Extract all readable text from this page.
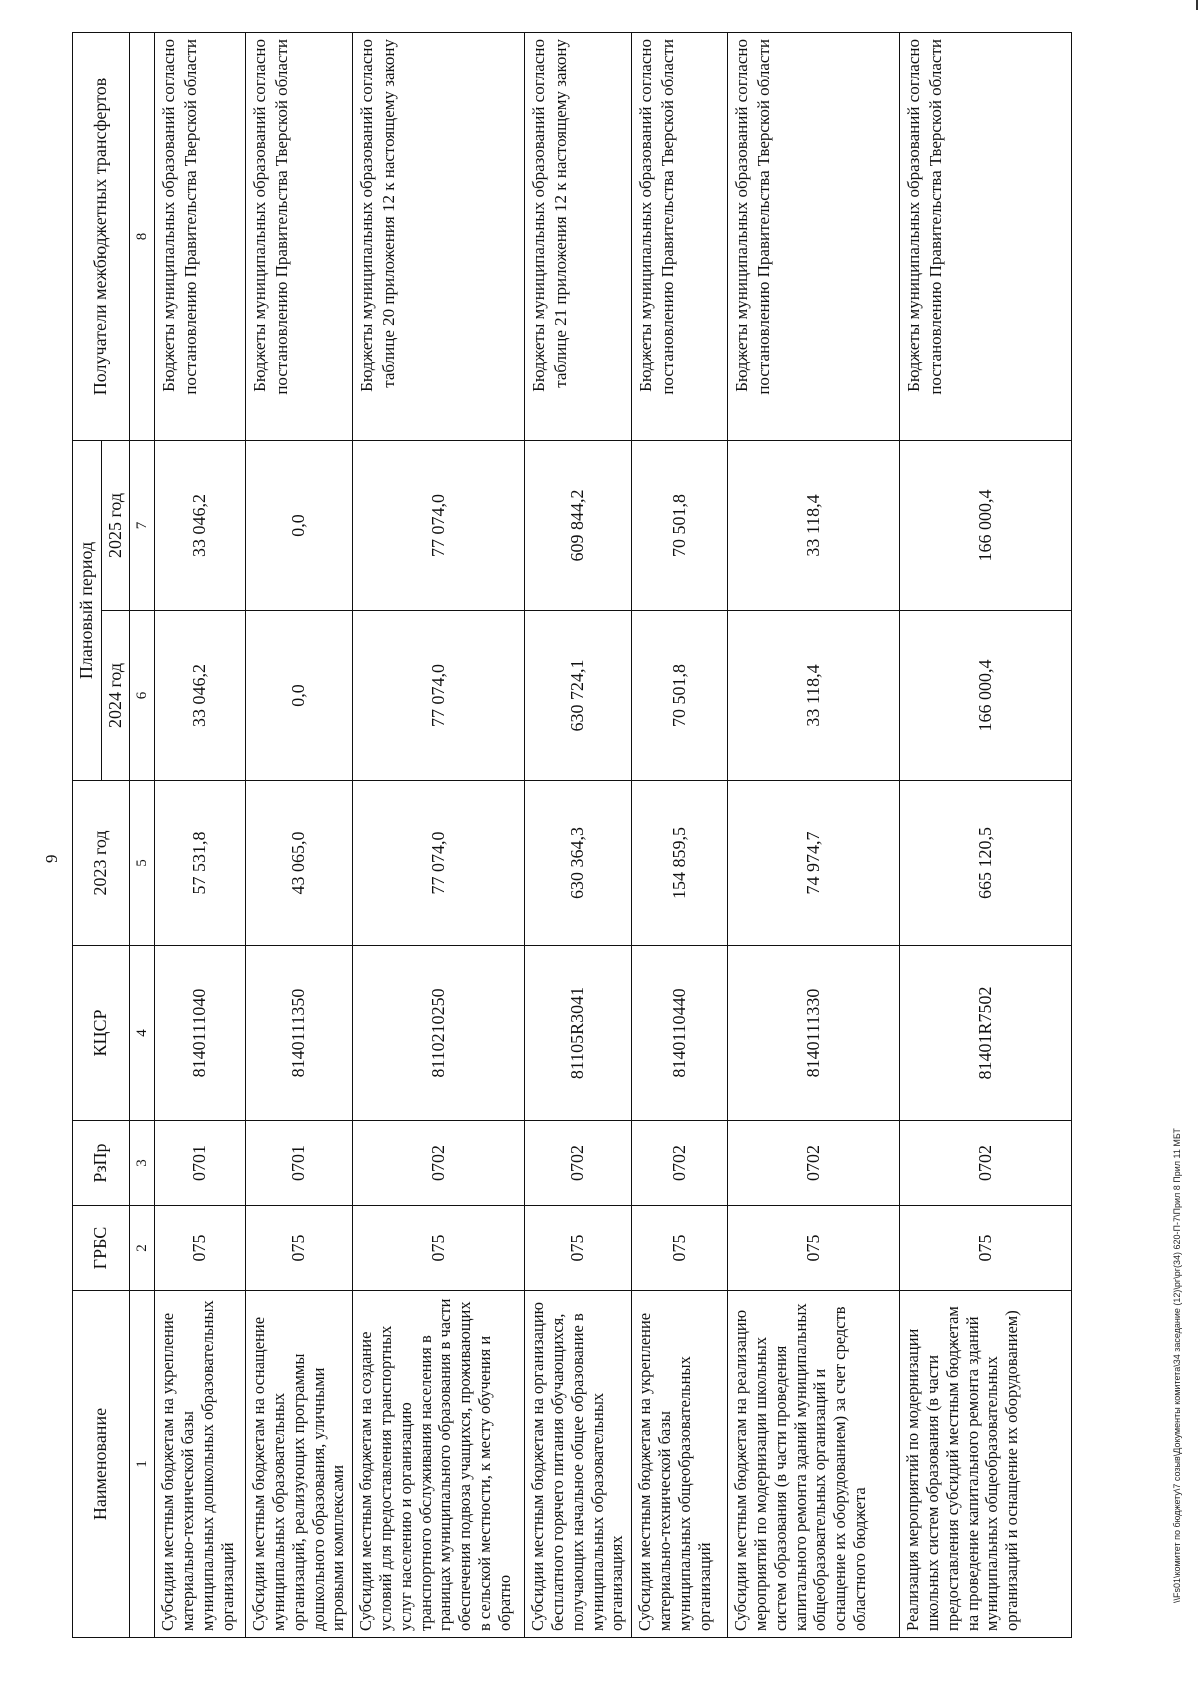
9
Наименование	ГРБС	РзПр	КЦСР	2023 год	Плановый период		Получатели межбюджетных трансфертов
					2024 год	2025 год	
1	2	3	4	5	6	7	8
Субсидии местным бюджетам на укрепление материально-технической базы муниципальных дошкольных образовательных организаций	075	0701	8140111040	57 531,8	33 046,2	33 046,2	Бюджеты муниципальных образований согласно постановлению Правительства Тверской области
Субсидии местным бюджетам на оснащение муниципальных образовательных организаций, реализующих программы дошкольного образования, уличными игровыми комплексами	075	0701	8140111350	43 065,0	0,0	0,0	Бюджеты муниципальных образований согласно постановлению Правительства Тверской области
Субсидии местным бюджетам на создание условий для предоставления транспортных услуг населению и организацию транспортного обслуживания населения в границах муниципального образования в части обеспечения подвоза учащихся, проживающих в сельской местности, к месту обучения и обратно	075	0702	8110210250	77 074,0	77 074,0	77 074,0	Бюджеты муниципальных образований согласно таблице 20 приложения 12 к настоящему закону
Субсидии местным бюджетам на организацию бесплатного горячего питания обучающихся, получающих начальное общее образование в муниципальных образовательных организациях	075	0702	81105R3041	630 364,3	630 724,1	609 844,2	Бюджеты муниципальных образований согласно таблице 21 приложения 12 к настоящему закону
Субсидии местным бюджетам на укрепление материально-технической базы муниципальных общеобразовательных организаций	075	0702	8140110440	154 859,5	70 501,8	70 501,8	Бюджеты муниципальных образований согласно постановлению Правительства Тверской области
Субсидии местным бюджетам на реализацию мероприятий по модернизации школьных систем образования (в части проведения капитального ремонта зданий муниципальных общеобразовательных организаций и оснащение их оборудованием) за счет средств областного бюджета	075	0702	8140111330	74 974,7	33 118,4	33 118,4	Бюджеты муниципальных образований согласно постановлению Правительства Тверской области
Реализация мероприятий по модернизации школьных систем образования (в части предоставления субсидий местным бюджетам на проведение капитального ремонта зданий муниципальных общеобразовательных организаций и оснащение их оборудованием)	075	0702	81401R7502	665 120,5	166 000,4	166 000,4	Бюджеты муниципальных образований согласно постановлению Правительства Тверской области
\\Fs01\комитет по бюджету\7 созыв\Документы комитета\34 заседание (12)\рг\рг(34) 620-П-7\Прил 8 Прил 11 МБТ
